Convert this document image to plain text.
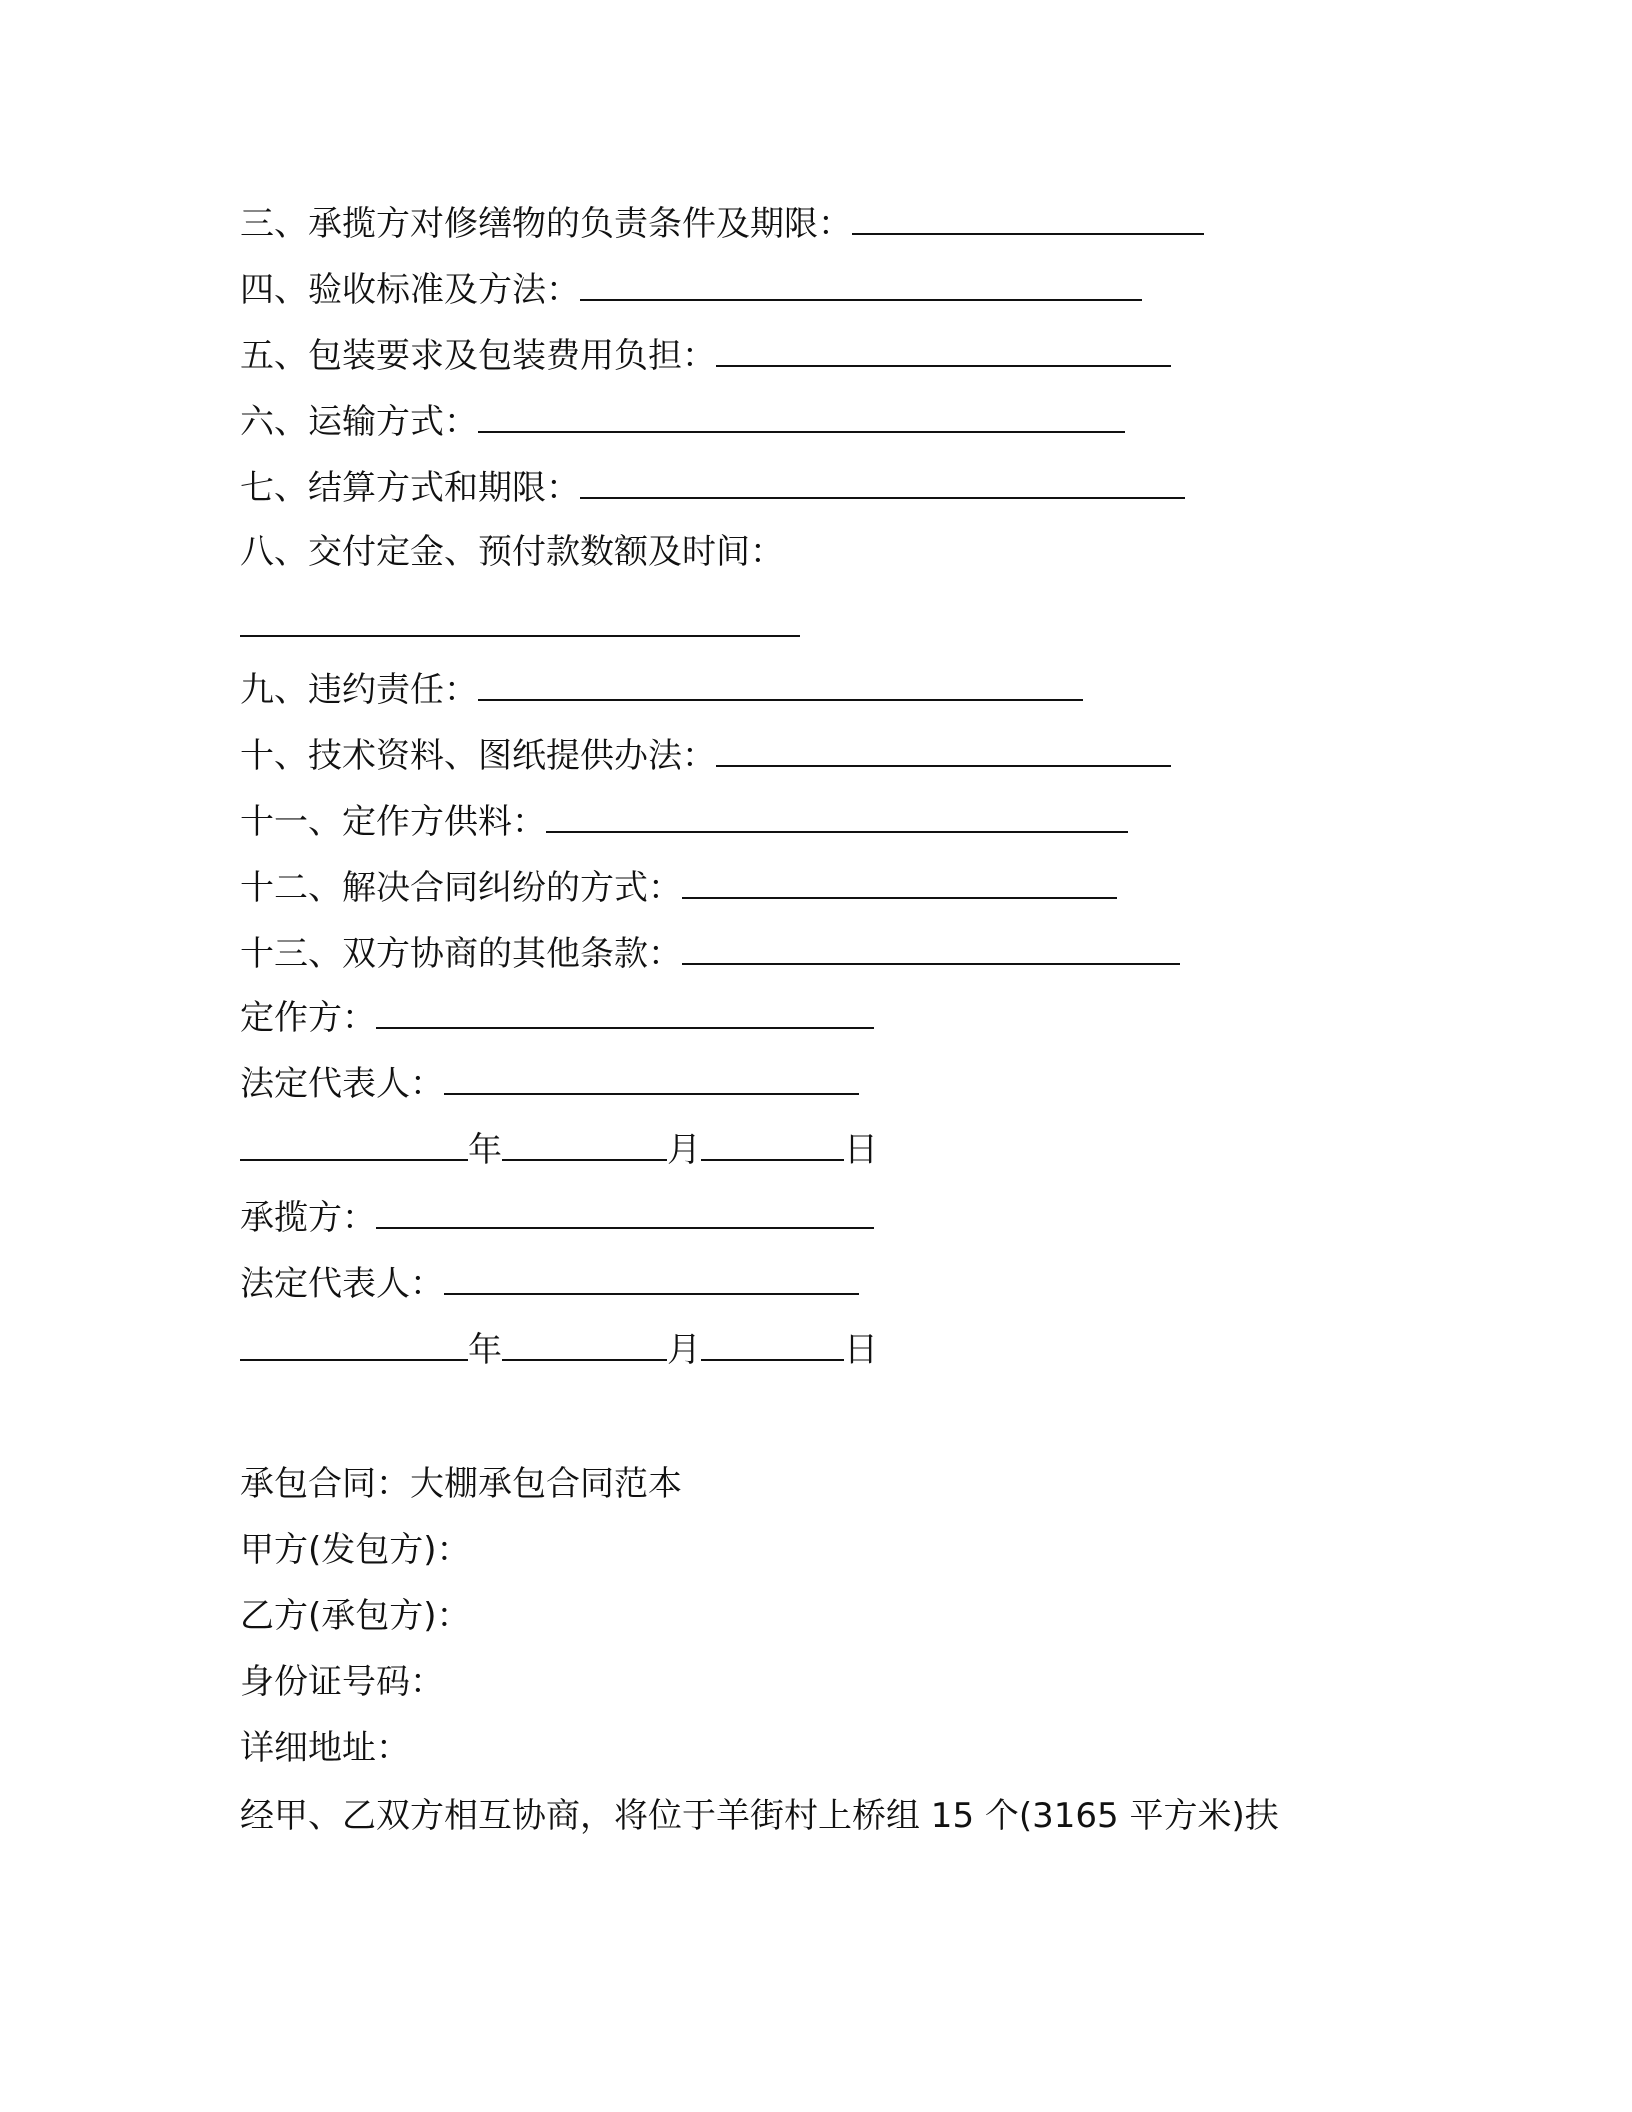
三、承揽方对修缮物的负责条件及期限：
四、验收标准及方法：
五、包装要求及包装费用负担：
六、运输方式：
七、结算方式和期限：
八、交付定金、预付款数额及时间：
九、违约责任：
十、技术资料、图纸提供办法：
十一、定作方供料：
十二、解决合同纠纷的方式：
十三、双方协商的其他条款：
定作方：
法定代表人：
年	月	日
承揽方：
法定代表人：
年	月	日
承包合同：大棚承包合同范本
甲方(发包方)：
乙方(承包方)：
身份证号码：
详细地址：
经甲、乙双方相互协商，将位于羊街村上桥组 15 个(3165 平方米)扶
